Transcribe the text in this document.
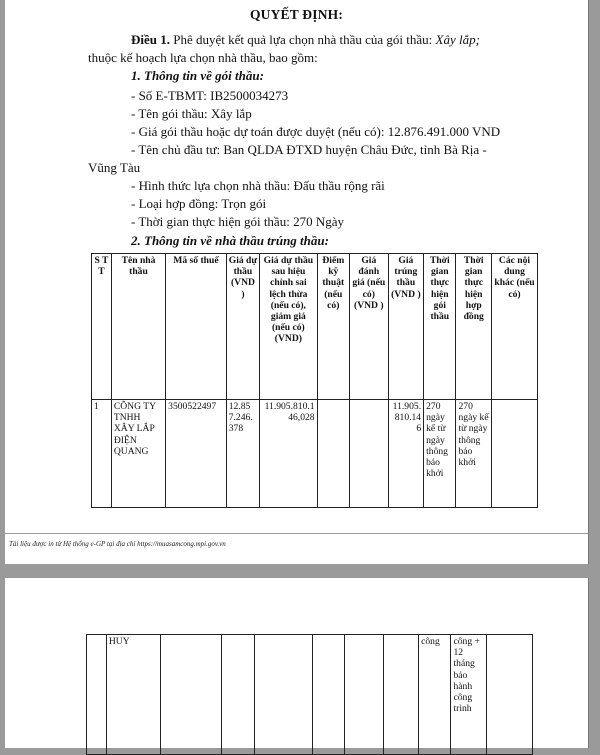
QUYẾT ĐỊNH:
Điều 1. Phê duyệt kết quả lựa chọn nhà thầu của gói thầu: Xây lắp;
thuộc kế hoạch lựa chọn nhà thầu, bao gồm:
1. Thông tin về gói thầu:
- Số E-TBMT: IB2500034273
- Tên gói thầu: Xây lắp
- Giá gói thầu hoặc dự toán được duyệt (nếu có): 12.876.491.000 VND
- Tên chủ đầu tư: Ban QLDA ĐTXD huyện Châu Đức, tỉnh Bà Rịa -
Vũng Tàu
- Hình thức lựa chọn nhà thầu: Đấu thầu rộng rãi
- Loại hợp đồng: Trọn gói
- Thời gian thực hiện gói thầu: 270 Ngày
2. Thông tin về nhà thầu trúng thầu:
S T T	Tên nhà thầu	Mã số thuế	Giá dự thầu (VND )	Giá dự thầu sau hiệu chỉnh sai lệch thừa (nếu có), giảm giá (nếu có) (VND)	Điểm kỹ thuật (nếu có)	Giá đánh giá (nếu có) (VND )	Giá trúng thầu (VND )	Thời gian thực hiện gói thầu	Thời gian thực hiện hợp đồng	Các nội dung khác (nếu có)
1	CÔNG TY TNHH XÂY LẮP ĐIỆN QUANG	3500522497	12.857.246.378	11.905.810.146,028			11.905.810.146	270 ngày kể từ ngày thông báo khởi	270 ngày kể từ ngày thông báo khởi	
Tài liệu được in từ Hệ thống e-GP tại địa chỉ https://muasamcong.mpi.gov.vn
	HUY							công	công + 12 tháng bảo hành công trình	
